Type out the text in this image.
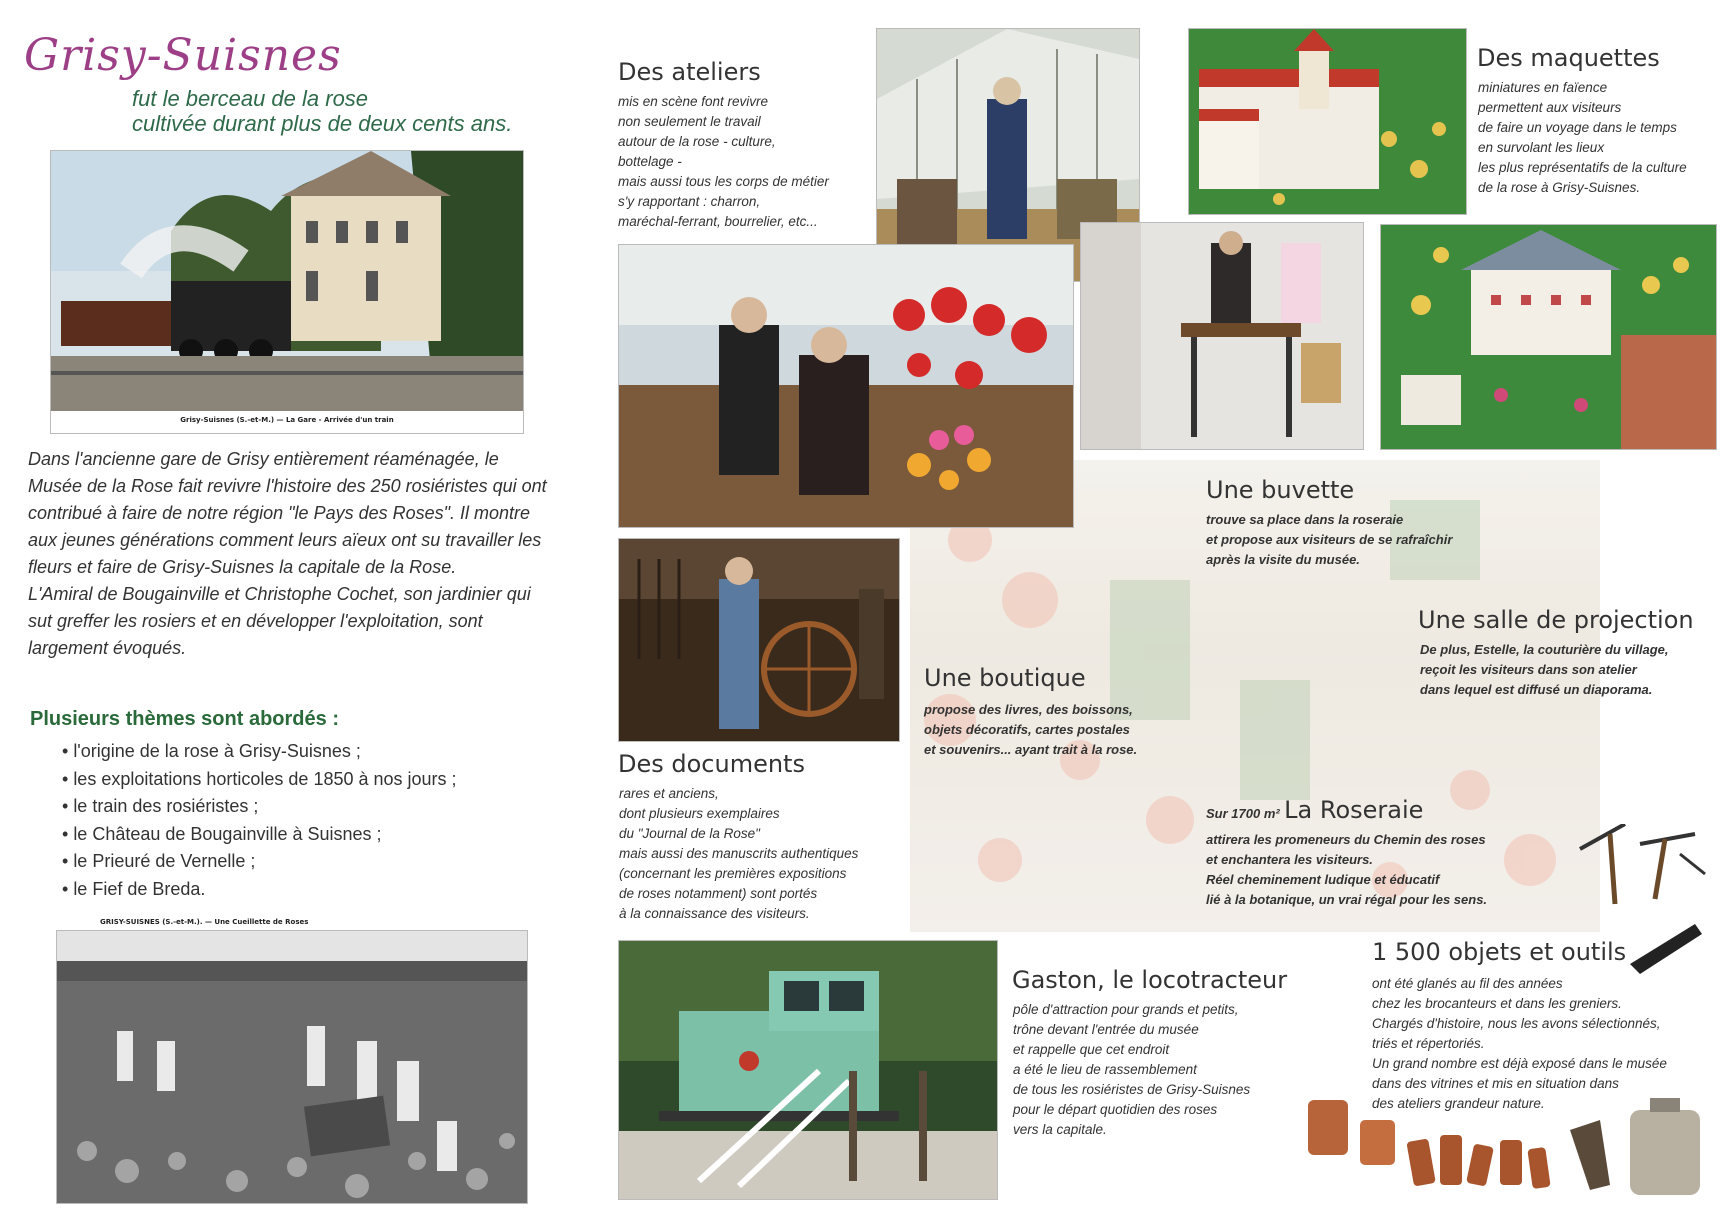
Grisy-Suisnes
fut le berceau de la rose
cultivée durant plus de deux cents ans.
Grisy-Suisnes (S.-et-M.) — La Gare - Arrivée d'un train
Dans l'ancienne gare de Grisy entièrement réaménagée, le Musée de la Rose fait revivre l'histoire des 250 rosiéristes qui ont contribué à faire de notre région "le Pays des Roses". Il montre aux jeunes générations comment leurs aïeux ont su travailler les fleurs et faire de Grisy-Suisnes la capitale de la Rose.
L'Amiral de Bougainville et Christophe Cochet, son jardinier qui sut greffer les rosiers et en développer l'exploitation, sont largement évoqués.
Plusieurs thèmes sont abordés :
• l'origine de la rose à Grisy-Suisnes ;
• les exploitations horticoles de 1850 à nos jours ;
• le train des rosiéristes ;
• le Château de Bougainville à Suisnes ;
• le Prieuré de Vernelle ;
• le Fief de Breda.
GRISY-SUISNES (S.-et-M.). — Une Cueillette de Roses
Des ateliers
mis en scène font revivre
non seulement le travail
autour de la rose - culture,
bottelage -
mais aussi tous les corps de métier
s'y rapportant : charron,
maréchal-ferrant, bourrelier, etc...
Des maquettes
miniatures en faïence
permettent aux visiteurs
de faire un voyage dans le temps
en survolant les lieux
les plus représentatifs de la culture
de la rose à Grisy-Suisnes.
Une buvette
trouve sa place dans la roseraie
et propose aux visiteurs de se rafraîchir
après la visite du musée.
Une salle de projection
De plus, Estelle, la couturière du village,
reçoit les visiteurs dans son atelier
dans lequel est diffusé un diaporama.
Une boutique
propose des livres, des boissons,
objets décoratifs, cartes postales
et souvenirs... ayant trait à la rose.
Des documents
rares et anciens,
dont plusieurs exemplaires
du "Journal de la Rose"
mais aussi des manuscrits authentiques
(concernant les premières expositions
de roses notamment) sont portés
à la connaissance des visiteurs.
Sur 1700 m² La Roseraie
attirera les promeneurs du Chemin des roses
et enchantera les visiteurs.
Réel cheminement ludique et éducatif
lié à la botanique, un vrai régal pour les sens.
Gaston, le locotracteur
pôle d'attraction pour grands et petits,
trône devant l'entrée du musée
et rappelle que cet endroit
a été le lieu de rassemblement
de tous les rosiéristes de Grisy-Suisnes
pour le départ quotidien des roses
vers la capitale.
1 500 objets et outils
ont été glanés au fil des années
chez les brocanteurs et dans les greniers.
Chargés d'histoire, nous les avons sélectionnés,
triés et répertoriés.
Un grand nombre est déjà exposé dans le musée
dans des vitrines et mis en situation dans
des ateliers grandeur nature.
